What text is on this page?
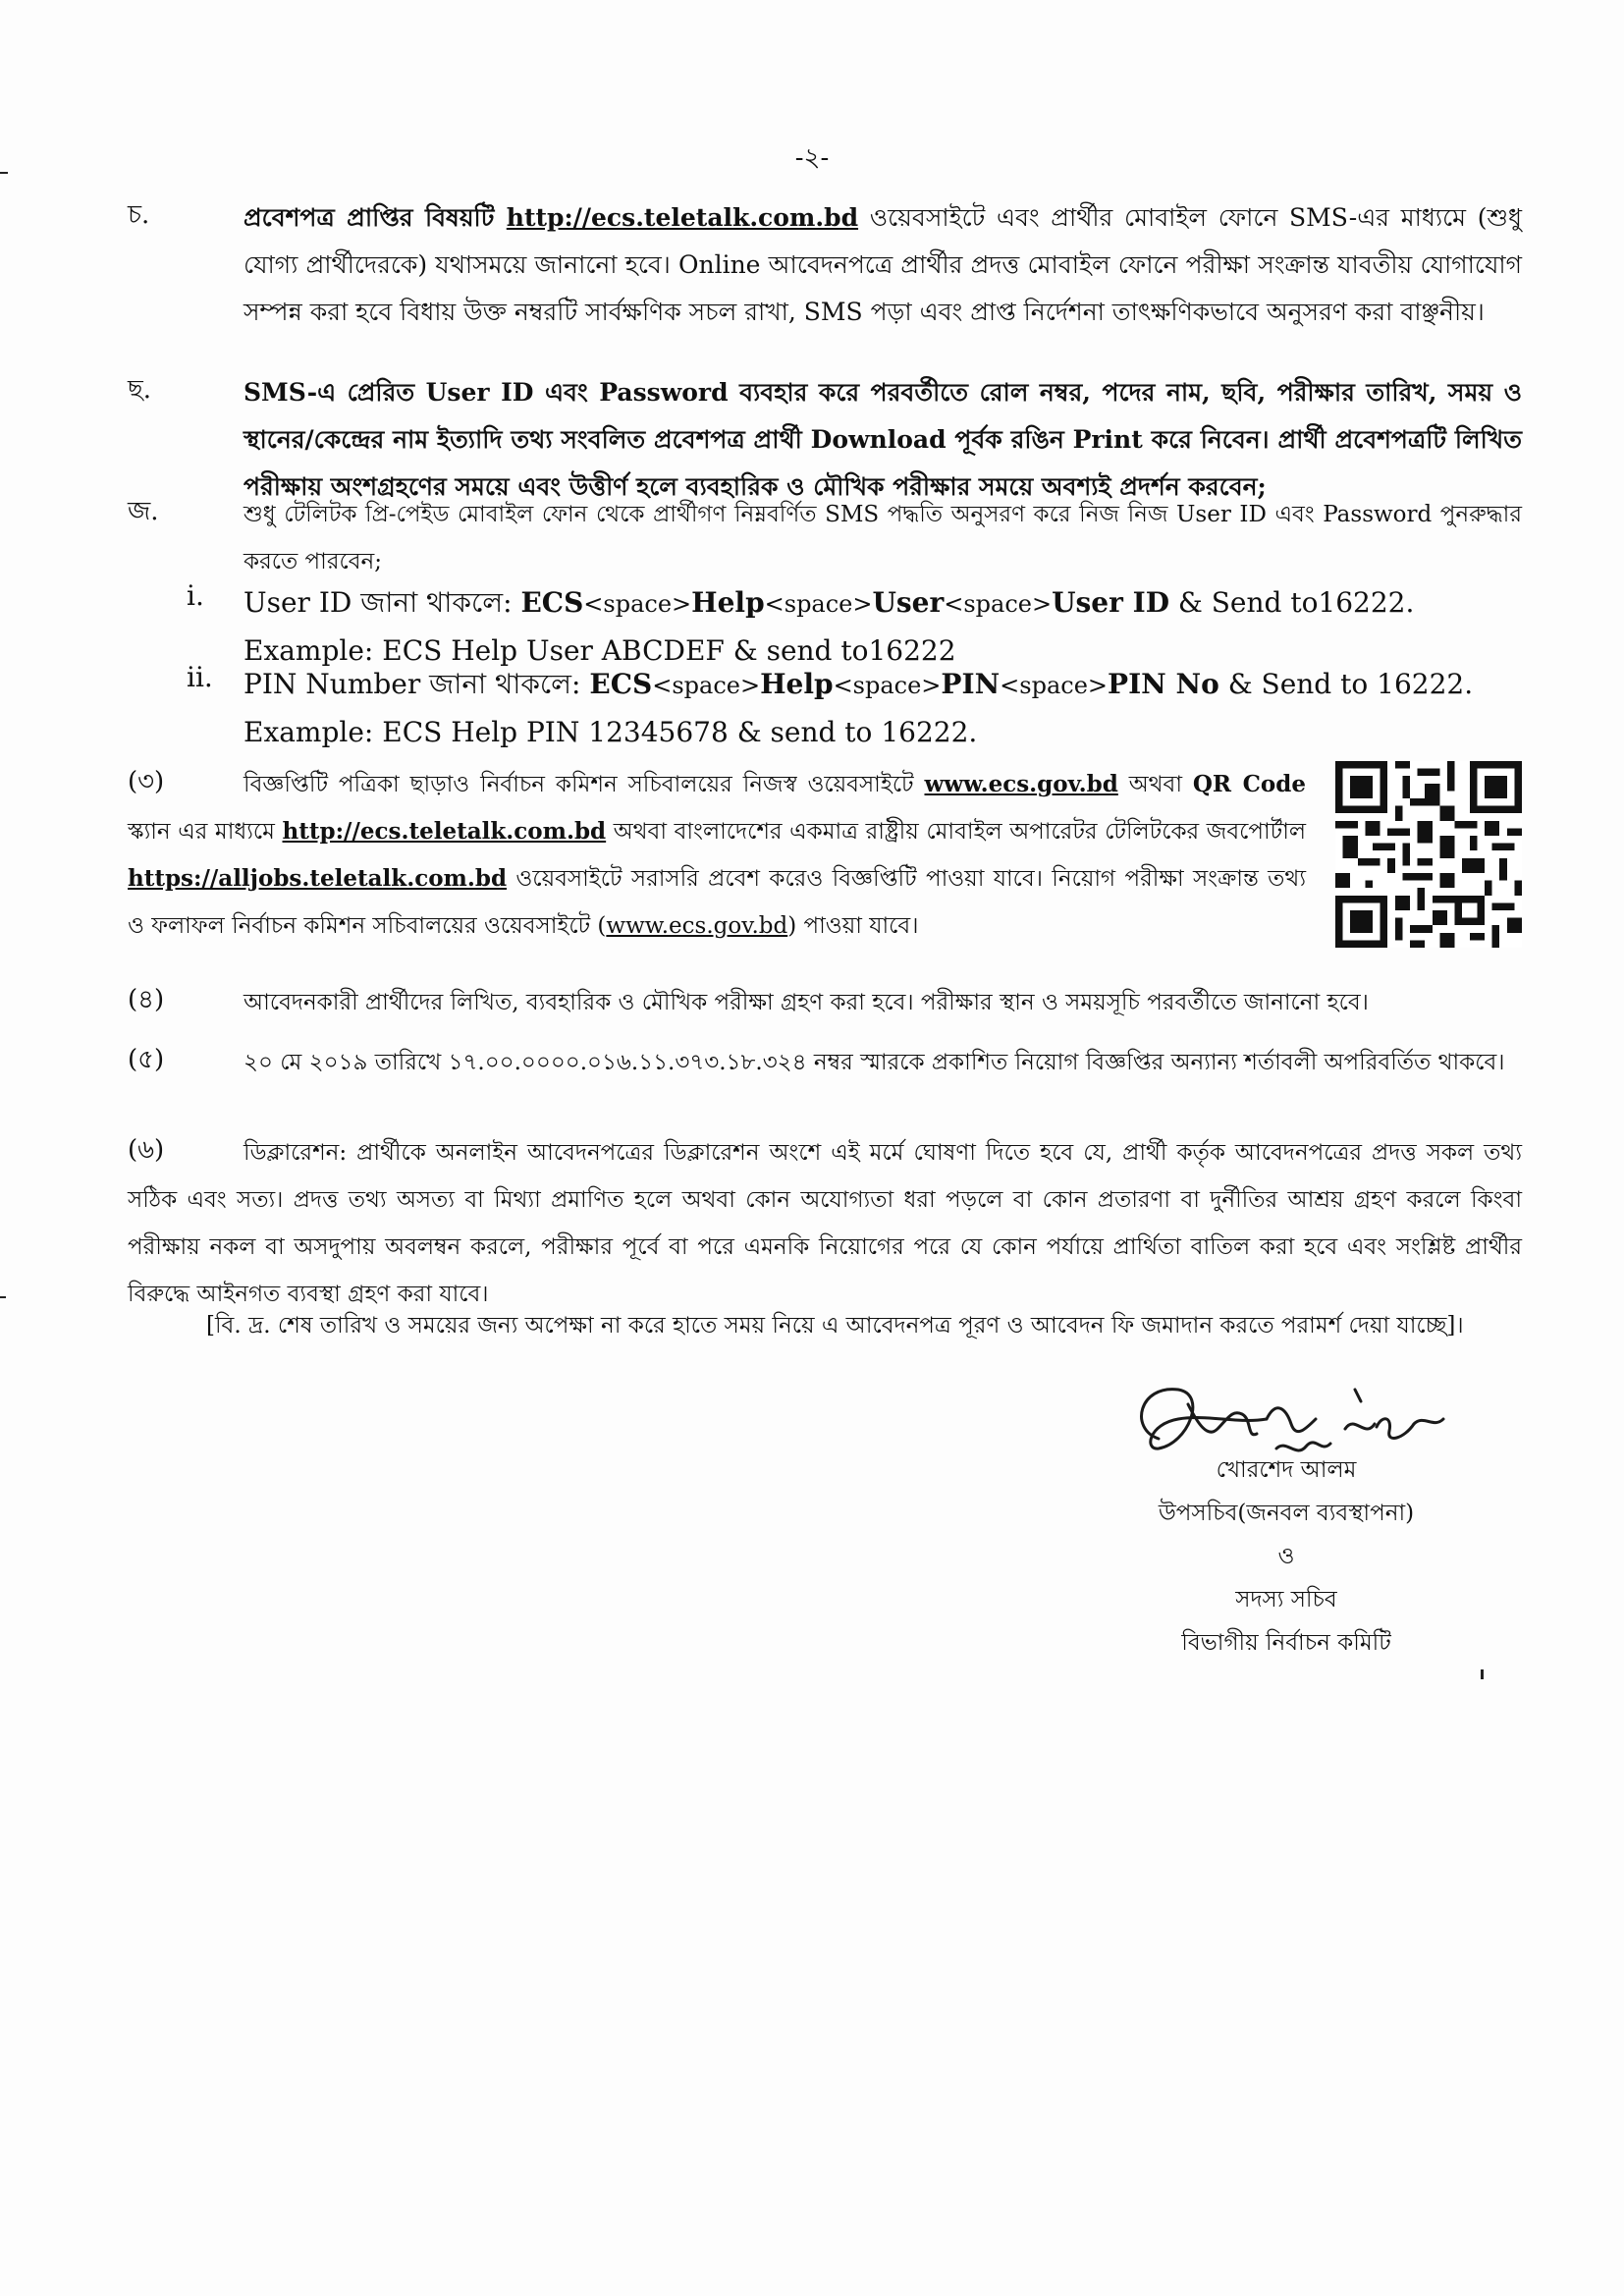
-২-
চ.	প্রবেশপত্র প্রাপ্তির বিষয়টি http://ecs.teletalk.com.bd ওয়েবসাইটে এবং প্রার্থীর মোবাইল ফোনে SMS-এর মাধ্যমে (শুধু যোগ্য প্রার্থীদেরকে) যথাসময়ে জানানো হবে। Online আবেদনপত্রে প্রার্থীর প্রদত্ত মোবাইল ফোনে পরীক্ষা সংক্রান্ত যাবতীয় যোগাযোগ সম্পন্ন করা হবে বিধায় উক্ত নম্বরটি সার্বক্ষণিক সচল রাখা, SMS পড়া এবং প্রাপ্ত নির্দেশনা তাৎক্ষণিকভাবে অনুসরণ করা বাঞ্ছনীয়।
ছ.	SMS-এ প্রেরিত User ID এবং Password ব্যবহার করে পরবর্তীতে রোল নম্বর, পদের নাম, ছবি, পরীক্ষার তারিখ, সময় ও স্থানের/কেন্দ্রের নাম ইত্যাদি তথ্য সংবলিত প্রবেশপত্র প্রার্থী Download পূর্বক রঙিন Print করে নিবেন। প্রার্থী প্রবেশপত্রটি লিখিত পরীক্ষায় অংশগ্রহণের সময়ে এবং উত্তীর্ণ হলে ব্যবহারিক ও মৌখিক পরীক্ষার সময়ে অবশ্যই প্রদর্শন করবেন;
জ.	শুধু টেলিটক প্রি-পেইড মোবাইল ফোন থেকে প্রার্থীগণ নিম্নবর্ণিত SMS পদ্ধতি অনুসরণ করে নিজ নিজ User ID এবং Password পুনরুদ্ধার করতে পারবেন;
i.	User ID জানা থাকলে: ECS<space>Help<space>User<space>User ID & Send to16222.

Example: ECS Help User ABCDEF & send to16222

ii.	PIN Number জানা থাকলে: ECS<space>Help<space>PIN<space>PIN No & Send to 16222.

Example: ECS Help PIN 12345678 & send to 16222.

(৩)	বিজ্ঞপ্তিটি পত্রিকা ছাড়াও নির্বাচন কমিশন সচিবালয়ের নিজস্ব ওয়েবসাইটে www.ecs.gov.bd অথবা QR Code স্ক্যান এর মাধ্যমে http://ecs.teletalk.com.bd অথবা বাংলাদেশের একমাত্র রাষ্ট্রীয় মোবাইল অপারেটর টেলিটকের জবপোর্টাল https://alljobs.teletalk.com.bd ওয়েবসাইটে সরাসরি প্রবেশ করেও বিজ্ঞপ্তিটি পাওয়া যাবে। নিয়োগ পরীক্ষা সংক্রান্ত তথ্য ও ফলাফল নির্বাচন কমিশন সচিবালয়ের ওয়েবসাইটে (www.ecs.gov.bd) পাওয়া যাবে।
(৪)	আবেদনকারী প্রার্থীদের লিখিত, ব্যবহারিক ও মৌখিক পরীক্ষা গ্রহণ করা হবে। পরীক্ষার স্থান ও সময়সূচি পরবর্তীতে জানানো হবে।
(৫)	২০ মে ২০১৯ তারিখে ১৭.০০.০০০০.০১৬.১১.৩৭৩.১৮.৩২৪ নম্বর স্মারকে প্রকাশিত নিয়োগ বিজ্ঞপ্তির অন্যান্য শর্তাবলী অপরিবর্তিত থাকবে।
(৬)	ডিক্লারেশন: প্রার্থীকে অনলাইন আবেদনপত্রের ডিক্লারেশন অংশে এই মর্মে ঘোষণা দিতে হবে যে, প্রার্থী কর্তৃক আবেদনপত্রের প্রদত্ত সকল তথ্য সঠিক এবং সত্য। প্রদত্ত তথ্য অসত্য বা মিথ্যা প্রমাণিত হলে অথবা কোন অযোগ্যতা ধরা পড়লে বা কোন প্রতারণা বা দুর্নীতির আশ্রয় গ্রহণ করলে কিংবা পরীক্ষায় নকল বা অসদুপায় অবলম্বন করলে, পরীক্ষার পূর্বে বা পরে এমনকি নিয়োগের পরে যে কোন পর্যায়ে প্রার্থিতা বাতিল করা হবে এবং সংশ্লিষ্ট প্রার্থীর বিরুদ্ধে আইনগত ব্যবস্থা গ্রহণ করা যাবে।
[বি. দ্র. শেষ তারিখ ও সময়ের জন্য অপেক্ষা না করে হাতে সময় নিয়ে এ আবেদনপত্র পূরণ ও আবেদন ফি জমাদান করতে পরামর্শ দেয়া যাচ্ছে]।
খোরশেদ আলম
উপসচিব(জনবল ব্যবস্থাপনা)
ও
সদস্য সচিব
বিভাগীয় নির্বাচন কমিটি
